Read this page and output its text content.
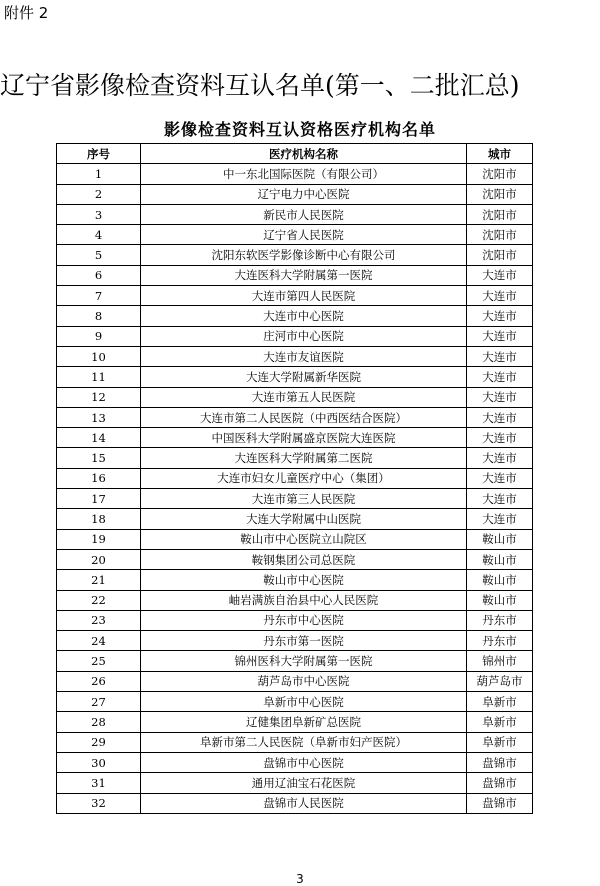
附件 2
辽宁省影像检查资料互认名单(第一、二批汇总)
影像检查资料互认资格医疗机构名单
序号	医疗机构名称	城市
1	中一东北国际医院（有限公司）	沈阳市
2	辽宁电力中心医院	沈阳市
3	新民市人民医院	沈阳市
4	辽宁省人民医院	沈阳市
5	沈阳东软医学影像诊断中心有限公司	沈阳市
6	大连医科大学附属第一医院	大连市
7	大连市第四人民医院	大连市
8	大连市中心医院	大连市
9	庄河市中心医院	大连市
10	大连市友谊医院	大连市
11	大连大学附属新华医院	大连市
12	大连市第五人民医院	大连市
13	大连市第二人民医院（中西医结合医院）	大连市
14	中国医科大学附属盛京医院大连医院	大连市
15	大连医科大学附属第二医院	大连市
16	大连市妇女儿童医疗中心（集团）	大连市
17	大连市第三人民医院	大连市
18	大连大学附属中山医院	大连市
19	鞍山市中心医院立山院区	鞍山市
20	鞍钢集团公司总医院	鞍山市
21	鞍山市中心医院	鞍山市
22	岫岩满族自治县中心人民医院	鞍山市
23	丹东市中心医院	丹东市
24	丹东市第一医院	丹东市
25	锦州医科大学附属第一医院	锦州市
26	葫芦岛市中心医院	葫芦岛市
27	阜新市中心医院	阜新市
28	辽健集团阜新矿总医院	阜新市
29	阜新市第二人民医院（阜新市妇产医院）	阜新市
30	盘锦市中心医院	盘锦市
31	通用辽油宝石花医院	盘锦市
32	盘锦市人民医院	盘锦市
3
